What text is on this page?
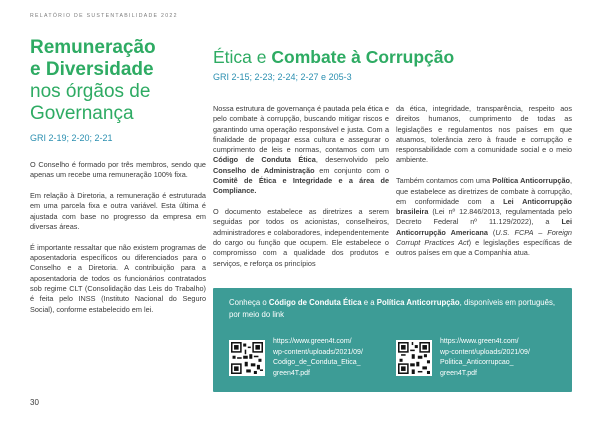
RELATÓRIO DE SUSTENTABILIDADE 2022
Remuneração
e Diversidade
nos órgãos de
Governança
GRI 2-19; 2-20; 2-21

O Conselho é formado por três membros, sendo que apenas um recebe uma remuneração 100% fixa.

Em relação à Diretoria, a remuneração é estruturada em uma parcela fixa e outra variável. Esta última é ajustada com base no progresso da empresa em diversas áreas.

É importante ressaltar que não existem programas de aposentadoria específicos ou diferenciados para o Conselho e a Diretoria. A contribuição para a aposentadoria de todos os funcionários contratados sob regime CLT (Consolidação das Leis do Trabalho) é feita pelo INSS (Instituto Nacional do Seguro Social), conforme estabelecido em lei.

Ética e Combate à Corrupção
GRI 2-15; 2-23; 2-24; 2-27 e 205-3

Nossa estrutura de governança é pautada pela ética e pelo combate à corrupção, buscando mitigar riscos e garantindo uma operação responsável e justa. Com a finalidade de propagar essa cultura e assegurar o cumprimento de leis e normas, contamos com um Código de Conduta Ética, desenvolvido pelo Conselho de Administração em conjunto com o Comitê de Ética e Integridade e a área de Compliance.

O documento estabelece as diretrizes a serem seguidas por todos os acionistas, conselheiros, administradores e colaboradores, independentemente do cargo ou função que ocupem. Ele estabelece o compromisso com a qualidade dos produtos e serviços, e reforça os princípios

da ética, integridade, transparência, respeito aos direitos humanos, cumprimento de todas as legislações e regulamentos nos países em que atuamos, tolerância zero à fraude e corrupção e responsabilidade com a comunidade social e o meio ambiente.

Também contamos com uma Política Anticorrupção, que estabelece as diretrizes de combate à corrupção, em conformidade com a Lei Anticorrupção brasileira (Lei nº 12.846/2013, regulamentada pelo Decreto Federal nº 11.129/2022), a Lei Anticorrupção Americana (U.S. FCPA – Foreign Corrupt Practices Act) e legislações específicas de outros países em que a Companhia atua.

Conheça o Código de Conduta Ética e a Política Anticorrupção, disponíveis em português, por meio do link
https://www.green4t.com/
wp-content/uploads/2021/09/
Codigo_de_Conduta_Etica_
green4T.pdf
https://www.green4t.com/
wp-content/uploads/2021/09/
Politica_Anticorrupcao_
green4T.pdf
30
